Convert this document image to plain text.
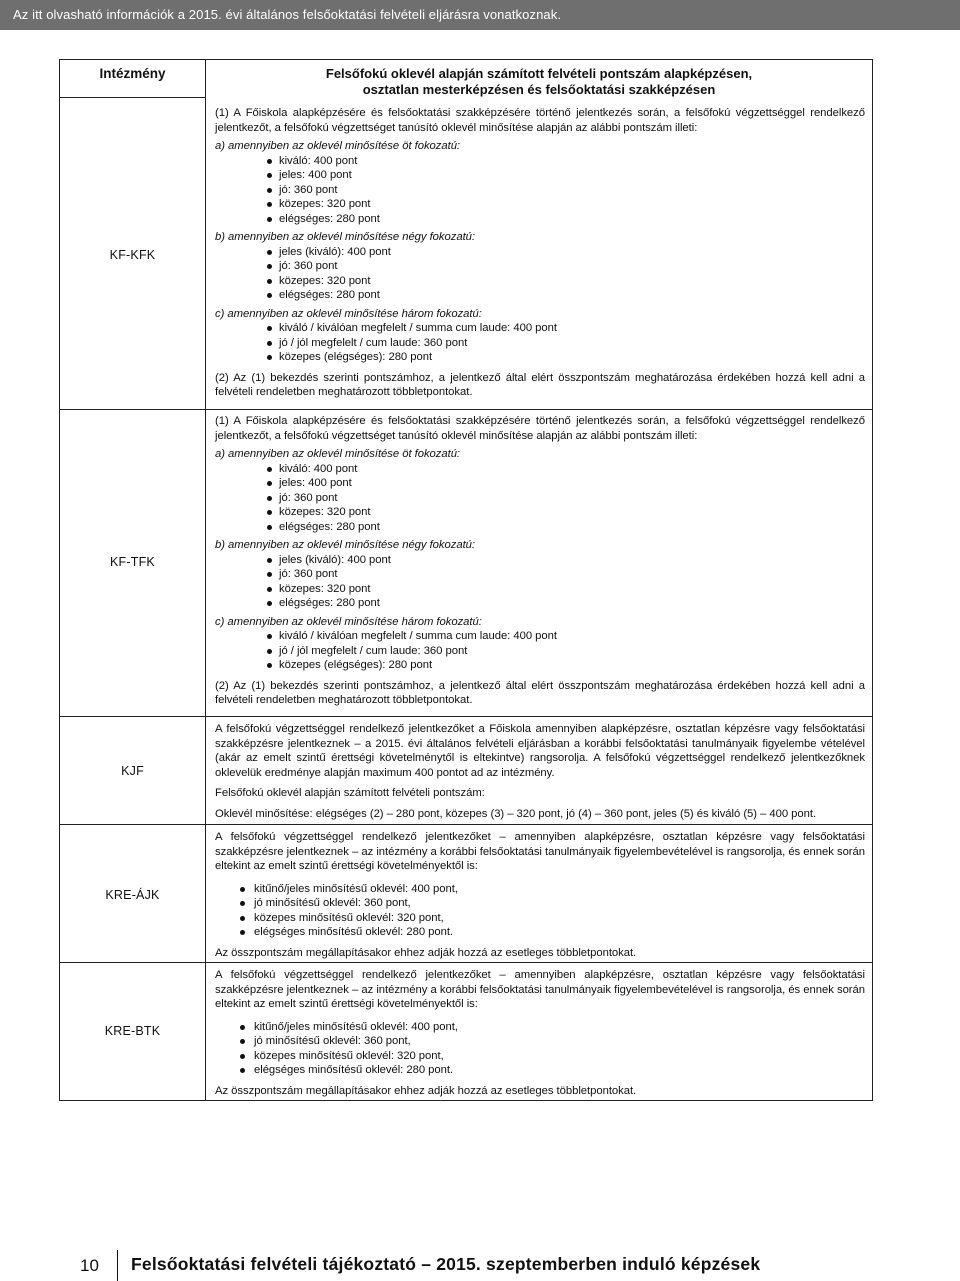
Az itt olvasható információk a 2015. évi általános felsőoktatási felvételi eljárásra vonatkoznak.
Intézmény	Felsőfokú oklevél alapján számított felvételi pontszám alapképzésen,
osztatlan mesterképzésen és felsőoktatási szakképzésen
KF-KFK

(1) A Főiskola alapképzésére és felsőoktatási szakképzésére történő jelentkezés során, a felsőfokú végzettséggel rendelkező jelentkezőt, a felsőfokú végzettséget tanúsító oklevél minősítése alapján az alábbi pontszám illeti:

a) amennyiben az oklevél minősítése öt fokozatú:

kiváló: 400 pont
jeles: 400 pont
jó: 360 pont
közepes: 320 pont
elégséges: 280 pont

b) amennyiben az oklevél minősítése négy fokozatú:

jeles (kiváló): 400 pont
jó: 360 pont
közepes: 320 pont
elégséges: 280 pont

c) amennyiben az oklevél minősítése három fokozatú:

kiváló / kiválóan megfelelt / summa cum laude: 400 pont
jó / jól megfelelt / cum laude: 360 pont
közepes (elégséges): 280 pont

(2) Az (1) bekezdés szerinti pontszámhoz, a jelentkező által elért összpontszám meghatározása érdekében hozzá kell adni a felvételi rendeletben meghatározott többletpontokat.

KF-TFK

(1) A Főiskola alapképzésére és felsőoktatási szakképzésére történő jelentkezés során, a felsőfokú végzettséggel rendelkező jelentkezőt, a felsőfokú végzettséget tanúsító oklevél minősítése alapján az alábbi pontszám illeti:

a) amennyiben az oklevél minősítése öt fokozatú:

kiváló: 400 pont
jeles: 400 pont
jó: 360 pont
közepes: 320 pont
elégséges: 280 pont

b) amennyiben az oklevél minősítése négy fokozatú:

jeles (kiváló): 400 pont
jó: 360 pont
közepes: 320 pont
elégséges: 280 pont

c) amennyiben az oklevél minősítése három fokozatú:

kiváló / kiválóan megfelelt / summa cum laude: 400 pont
jó / jól megfelelt / cum laude: 360 pont
közepes (elégséges): 280 pont

(2) Az (1) bekezdés szerinti pontszámhoz, a jelentkező által elért összpontszám meghatározása érdekében hozzá kell adni a felvételi rendeletben meghatározott többletpontokat.

KJF

A felsőfokú végzettséggel rendelkező jelentkezőket a Főiskola amennyiben alapképzésre, osztatlan képzésre vagy felsőoktatási szakképzésre jelentkeznek – a 2015. évi általános felvételi eljárásban a korábbi felsőoktatási tanulmányaik figyelembe vételével (akár az emelt szintű érettségi követelménytől is eltekintve) rangsorolja. A felsőfokú végzettséggel rendelkező jelentkezőknek oklevelük eredménye alapján maximum 400 pontot ad az intézmény.

Felsőfokú oklevél alapján számított felvételi pontszám:

Oklevél minősítése: elégséges (2) – 280 pont, közepes (3) – 320 pont, jó (4) – 360 pont, jeles (5) és kiváló (5) – 400 pont.

KRE-ÁJK

A felsőfokú végzettséggel rendelkező jelentkezőket – amennyiben alapképzésre, osztatlan képzésre vagy felsőoktatási szakképzésre jelentkeznek – az intézmény a korábbi felsőoktatási tanulmányaik figyelembevételével is rangsorolja, és ennek során eltekint az emelt szintű érettségi követelményektől is:

kitűnő/jeles minősítésű oklevél: 400 pont,
jó minősítésű oklevél: 360 pont,
közepes minősítésű oklevél: 320 pont,
elégséges minősítésű oklevél: 280 pont.

Az összpontszám megállapításakor ehhez adják hozzá az esetleges többletpontokat.

KRE-BTK

A felsőfokú végzettséggel rendelkező jelentkezőket – amennyiben alapképzésre, osztatlan képzésre vagy felsőoktatási szakképzésre jelentkeznek – az intézmény a korábbi felsőoktatási tanulmányaik figyelembevételével is rangsorolja, és ennek során eltekint az emelt szintű érettségi követelményektől is:

kitűnő/jeles minősítésű oklevél: 400 pont,
jó minősítésű oklevél: 360 pont,
közepes minősítésű oklevél: 320 pont,
elégséges minősítésű oklevél: 280 pont.

Az összpontszám megállapításakor ehhez adják hozzá az esetleges többletpontokat.

10 Felsőoktatási felvételi tájékoztató – 2015. szeptemberben induló képzések
